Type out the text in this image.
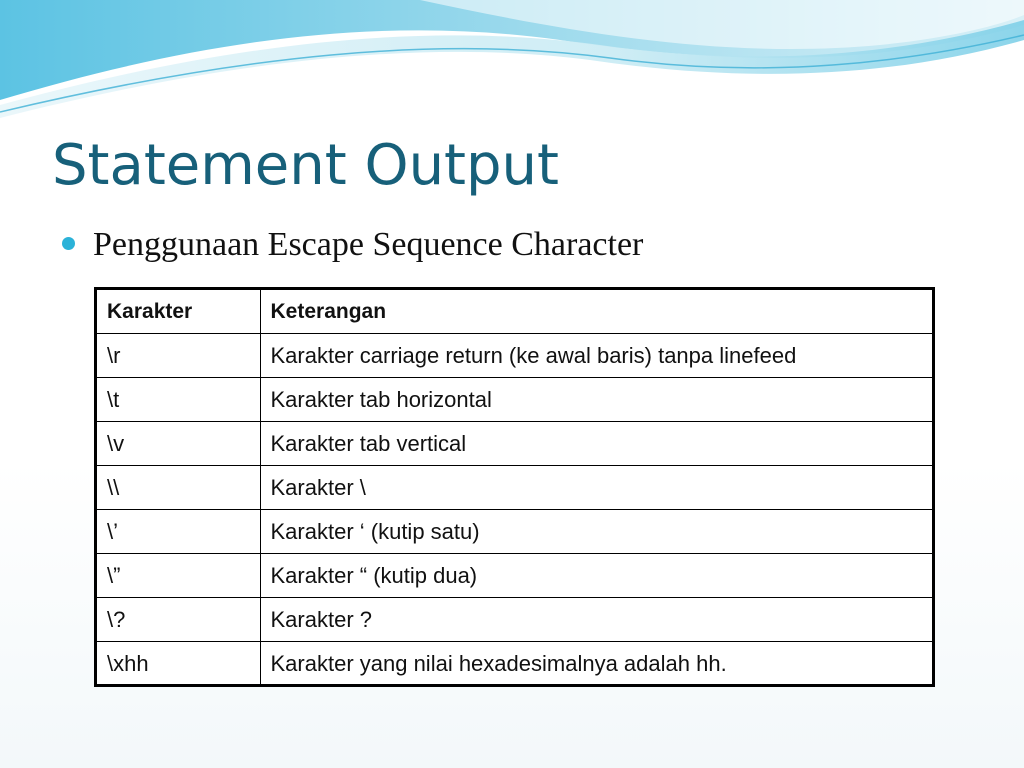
Statement Output
Penggunaan Escape Sequence Character
Karakter	Keterangan
\r	Karakter carriage return (ke awal baris) tanpa linefeed
\t	Karakter tab horizontal
\v	Karakter tab vertical
\\	Karakter \
\’	Karakter ‘ (kutip satu)
\”	Karakter “ (kutip dua)
\?	Karakter ?
\xhh	Karakter yang nilai hexadesimalnya adalah hh.
